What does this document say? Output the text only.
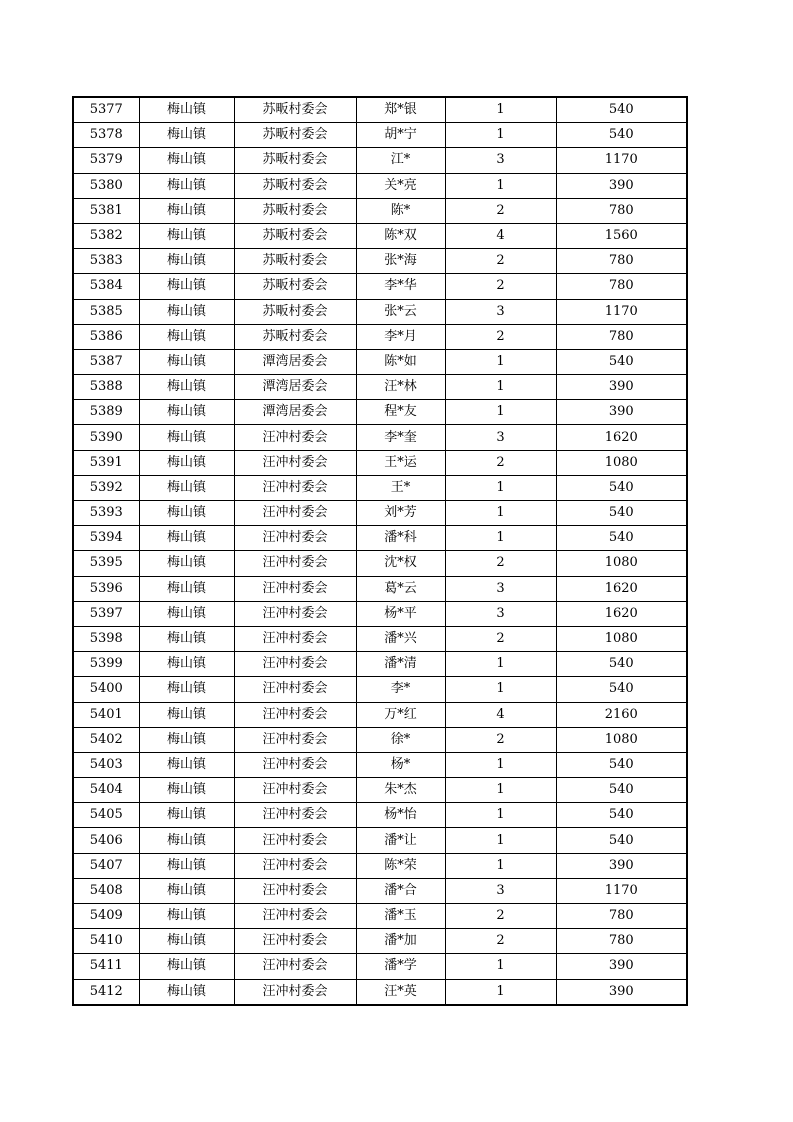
5377	梅山镇	苏畈村委会	郑*银	1	540
5378	梅山镇	苏畈村委会	胡*宁	1	540
5379	梅山镇	苏畈村委会	江*	3	1170
5380	梅山镇	苏畈村委会	关*亮	1	390
5381	梅山镇	苏畈村委会	陈*	2	780
5382	梅山镇	苏畈村委会	陈*双	4	1560
5383	梅山镇	苏畈村委会	张*海	2	780
5384	梅山镇	苏畈村委会	李*华	2	780
5385	梅山镇	苏畈村委会	张*云	3	1170
5386	梅山镇	苏畈村委会	李*月	2	780
5387	梅山镇	潭湾居委会	陈*如	1	540
5388	梅山镇	潭湾居委会	汪*林	1	390
5389	梅山镇	潭湾居委会	程*友	1	390
5390	梅山镇	汪冲村委会	李*奎	3	1620
5391	梅山镇	汪冲村委会	王*运	2	1080
5392	梅山镇	汪冲村委会	王*	1	540
5393	梅山镇	汪冲村委会	刘*芳	1	540
5394	梅山镇	汪冲村委会	潘*科	1	540
5395	梅山镇	汪冲村委会	沈*权	2	1080
5396	梅山镇	汪冲村委会	葛*云	3	1620
5397	梅山镇	汪冲村委会	杨*平	3	1620
5398	梅山镇	汪冲村委会	潘*兴	2	1080
5399	梅山镇	汪冲村委会	潘*清	1	540
5400	梅山镇	汪冲村委会	李*	1	540
5401	梅山镇	汪冲村委会	万*红	4	2160
5402	梅山镇	汪冲村委会	徐*	2	1080
5403	梅山镇	汪冲村委会	杨*	1	540
5404	梅山镇	汪冲村委会	朱*杰	1	540
5405	梅山镇	汪冲村委会	杨*怡	1	540
5406	梅山镇	汪冲村委会	潘*让	1	540
5407	梅山镇	汪冲村委会	陈*荣	1	390
5408	梅山镇	汪冲村委会	潘*合	3	1170
5409	梅山镇	汪冲村委会	潘*玉	2	780
5410	梅山镇	汪冲村委会	潘*加	2	780
5411	梅山镇	汪冲村委会	潘*学	1	390
5412	梅山镇	汪冲村委会	汪*英	1	390
